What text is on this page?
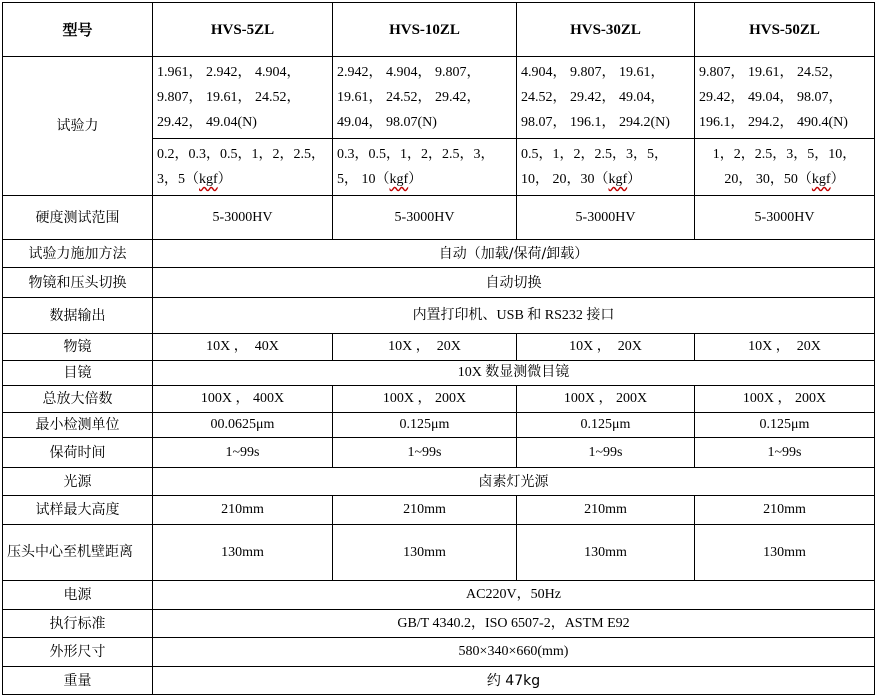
型号	HVS-5ZL	HVS-10ZL	HVS-30ZL	HVS-50ZL
试验力	1.961， 2.942， 4.904， 9.807， 19.61， 24.52， 29.42， 49.04(N)	2.942， 4.904， 9.807， 19.61， 24.52， 29.42， 49.04， 98.07(N)	4.904， 9.807， 19.61， 24.52， 29.42， 49.04， 98.07， 196.1， 294.2(N)	9.807， 19.61， 24.52， 29.42， 49.04， 98.07， 196.1， 294.2， 490.4(N)
	0.2，0.3，0.5，1，2，2.5， 3，5（kgf）	0.3，0.5，1，2，2.5，3，5， 10（kgf）	0.5，1，2，2.5，3，5，10， 20，30（kgf）	1，2，2.5，3，5，10，20， 30，50（kgf）
硬度测试范围	5-3000HV	5-3000HV	5-3000HV	5-3000HV
试验力施加方法	自动（加载/保荷/卸载）			
物镜和压头切换	自动切换			
数据输出	内置打印机、USB 和 RS232 接口			
物镜	10X ，  40X	10X ，  20X	10X ，  20X	10X ，  20X
目镜	10X 数显测微目镜			
总放大倍数	100X ， 400X	100X ， 200X	100X ， 200X	100X ， 200X
最小检测单位	00.0625μm	0.125μm	0.125μm	0.125μm
保荷时间	1~99s	1~99s	1~99s	1~99s
光源	卤素灯光源			
试样最大高度	210mm	210mm	210mm	210mm
压头中心至机壁距离	130mm	130mm	130mm	130mm
电源	AC220V，50Hz			
执行标准	GB/T 4340.2，ISO 6507-2，ASTM E92			
外形尺寸	580×340×660(mm)			
重量	约 47kg			
